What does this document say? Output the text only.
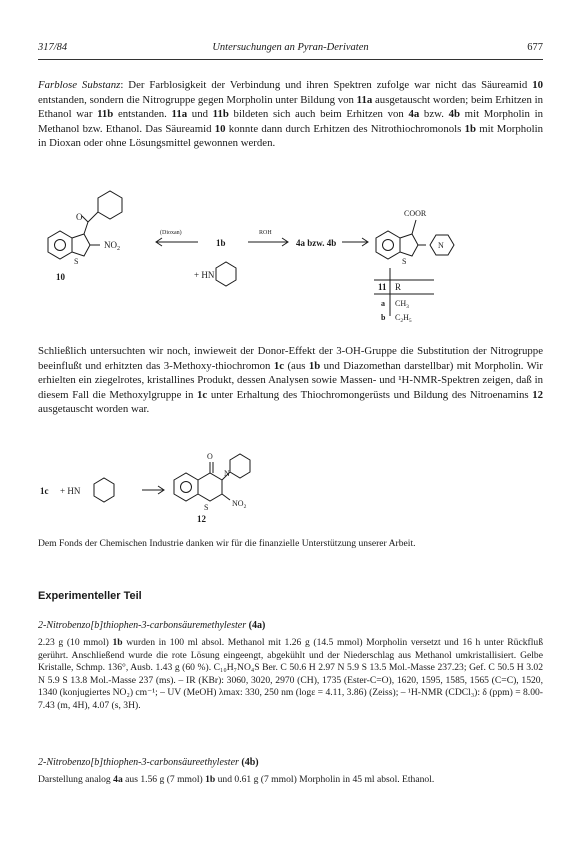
317/84	Untersuchungen an Pyran-Derivaten	677

Farblose Substanz: Der Farblosigkeit der Verbindung und ihren Spektren zufolge war nicht das Säureamid 10 entstanden, sondern die Nitrogruppe gegen Morpholin unter Bildung von 11a ausgetauscht worden; beim Erhitzen in Ethanol war 11b entstanden. 11a und 11b bildeten sich auch beim Erhitzen von 4a bzw. 4b mit Morpholin in Methanol bzw. Ethanol. Das Säureamid 10 konnte dann durch Erhitzen des Nitrothiochromonols 1b mit Morpholin in Dioxan oder ohne Lösungsmittel gewonnen werden.

O
$NO_2$
S
10
(Dioxan)
1b
ROH
+ HN
4a bzw. 4b
COOR
S
N
11 R
a $CH_3$
b $C_2H_5$

Schließlich untersuchten wir noch, inwieweit der Donor-Effekt der 3-OH-Gruppe die Substitution der Nitrogruppe beeinflußt und erhitzten das 3-Methoxy-thiochromon 1c (aus 1b und Diazomethan darstellbar) mit Morpholin. Wir erhielten ein ziegelrotes, kristallines Produkt, dessen Analysen sowie Massen- und ¹H-NMR-Spektren zeigen, daß in diesem Fall die Methoxylgruppe in 1c unter Erhaltung des Thiochromongerüsts und Bildung des Nitroenamins 12 ausgetauscht worden war.

1c + HN
O
N
S	$NO_2$
12

Dem Fonds der Chemischen Industrie danken wir für die finanzielle Unterstützung unserer Arbeit.

Experimenteller Teil
2-Nitrobenzo[b]thiophen-3-carbonsäuremethylester (4a)

2.23 g (10 mmol) 1b wurden in 100 ml absol. Methanol mit 1.26 g (14.5 mmol) Morpholin versetzt und 16 h unter Rückfluß gerührt. Anschließend wurde die rote Lösung eingeengt, abgekühlt und der Niederschlag aus Methanol umkristallisiert. Gelbe Kristalle, Schmp. 136°, Ausb. 1.43 g (60 %). C₁₀H₇NO₄S Ber. C 50.6 H 2.97 N 5.9 S 13.5 Mol.-Masse 237.23; Gef. C 50.5 H 3.02 N 5.9 S 13.8 Mol.-Masse 237 (ms). – IR (KBr): 3060, 3020, 2970 (CH), 1735 (Ester-C=O), 1620, 1595, 1585, 1565 (C=C), 1520, 1340 (konjugiertes NO₂) cm⁻¹; – UV (MeOH) λmax: 330, 250 nm (logε = 4.11, 3.86) (Zeiss); – ¹H-NMR (CDCl₃): δ (ppm) = 8.00-7.43 (m, 4H), 4.07 (s, 3H).

2-Nitrobenzo[b]thiophen-3-carbonsäureethylester (4b)

Darstellung analog 4a aus 1.56 g (7 mmol) 1b und 0.61 g (7 mmol) Morpholin in 45 ml absol. Ethanol.
